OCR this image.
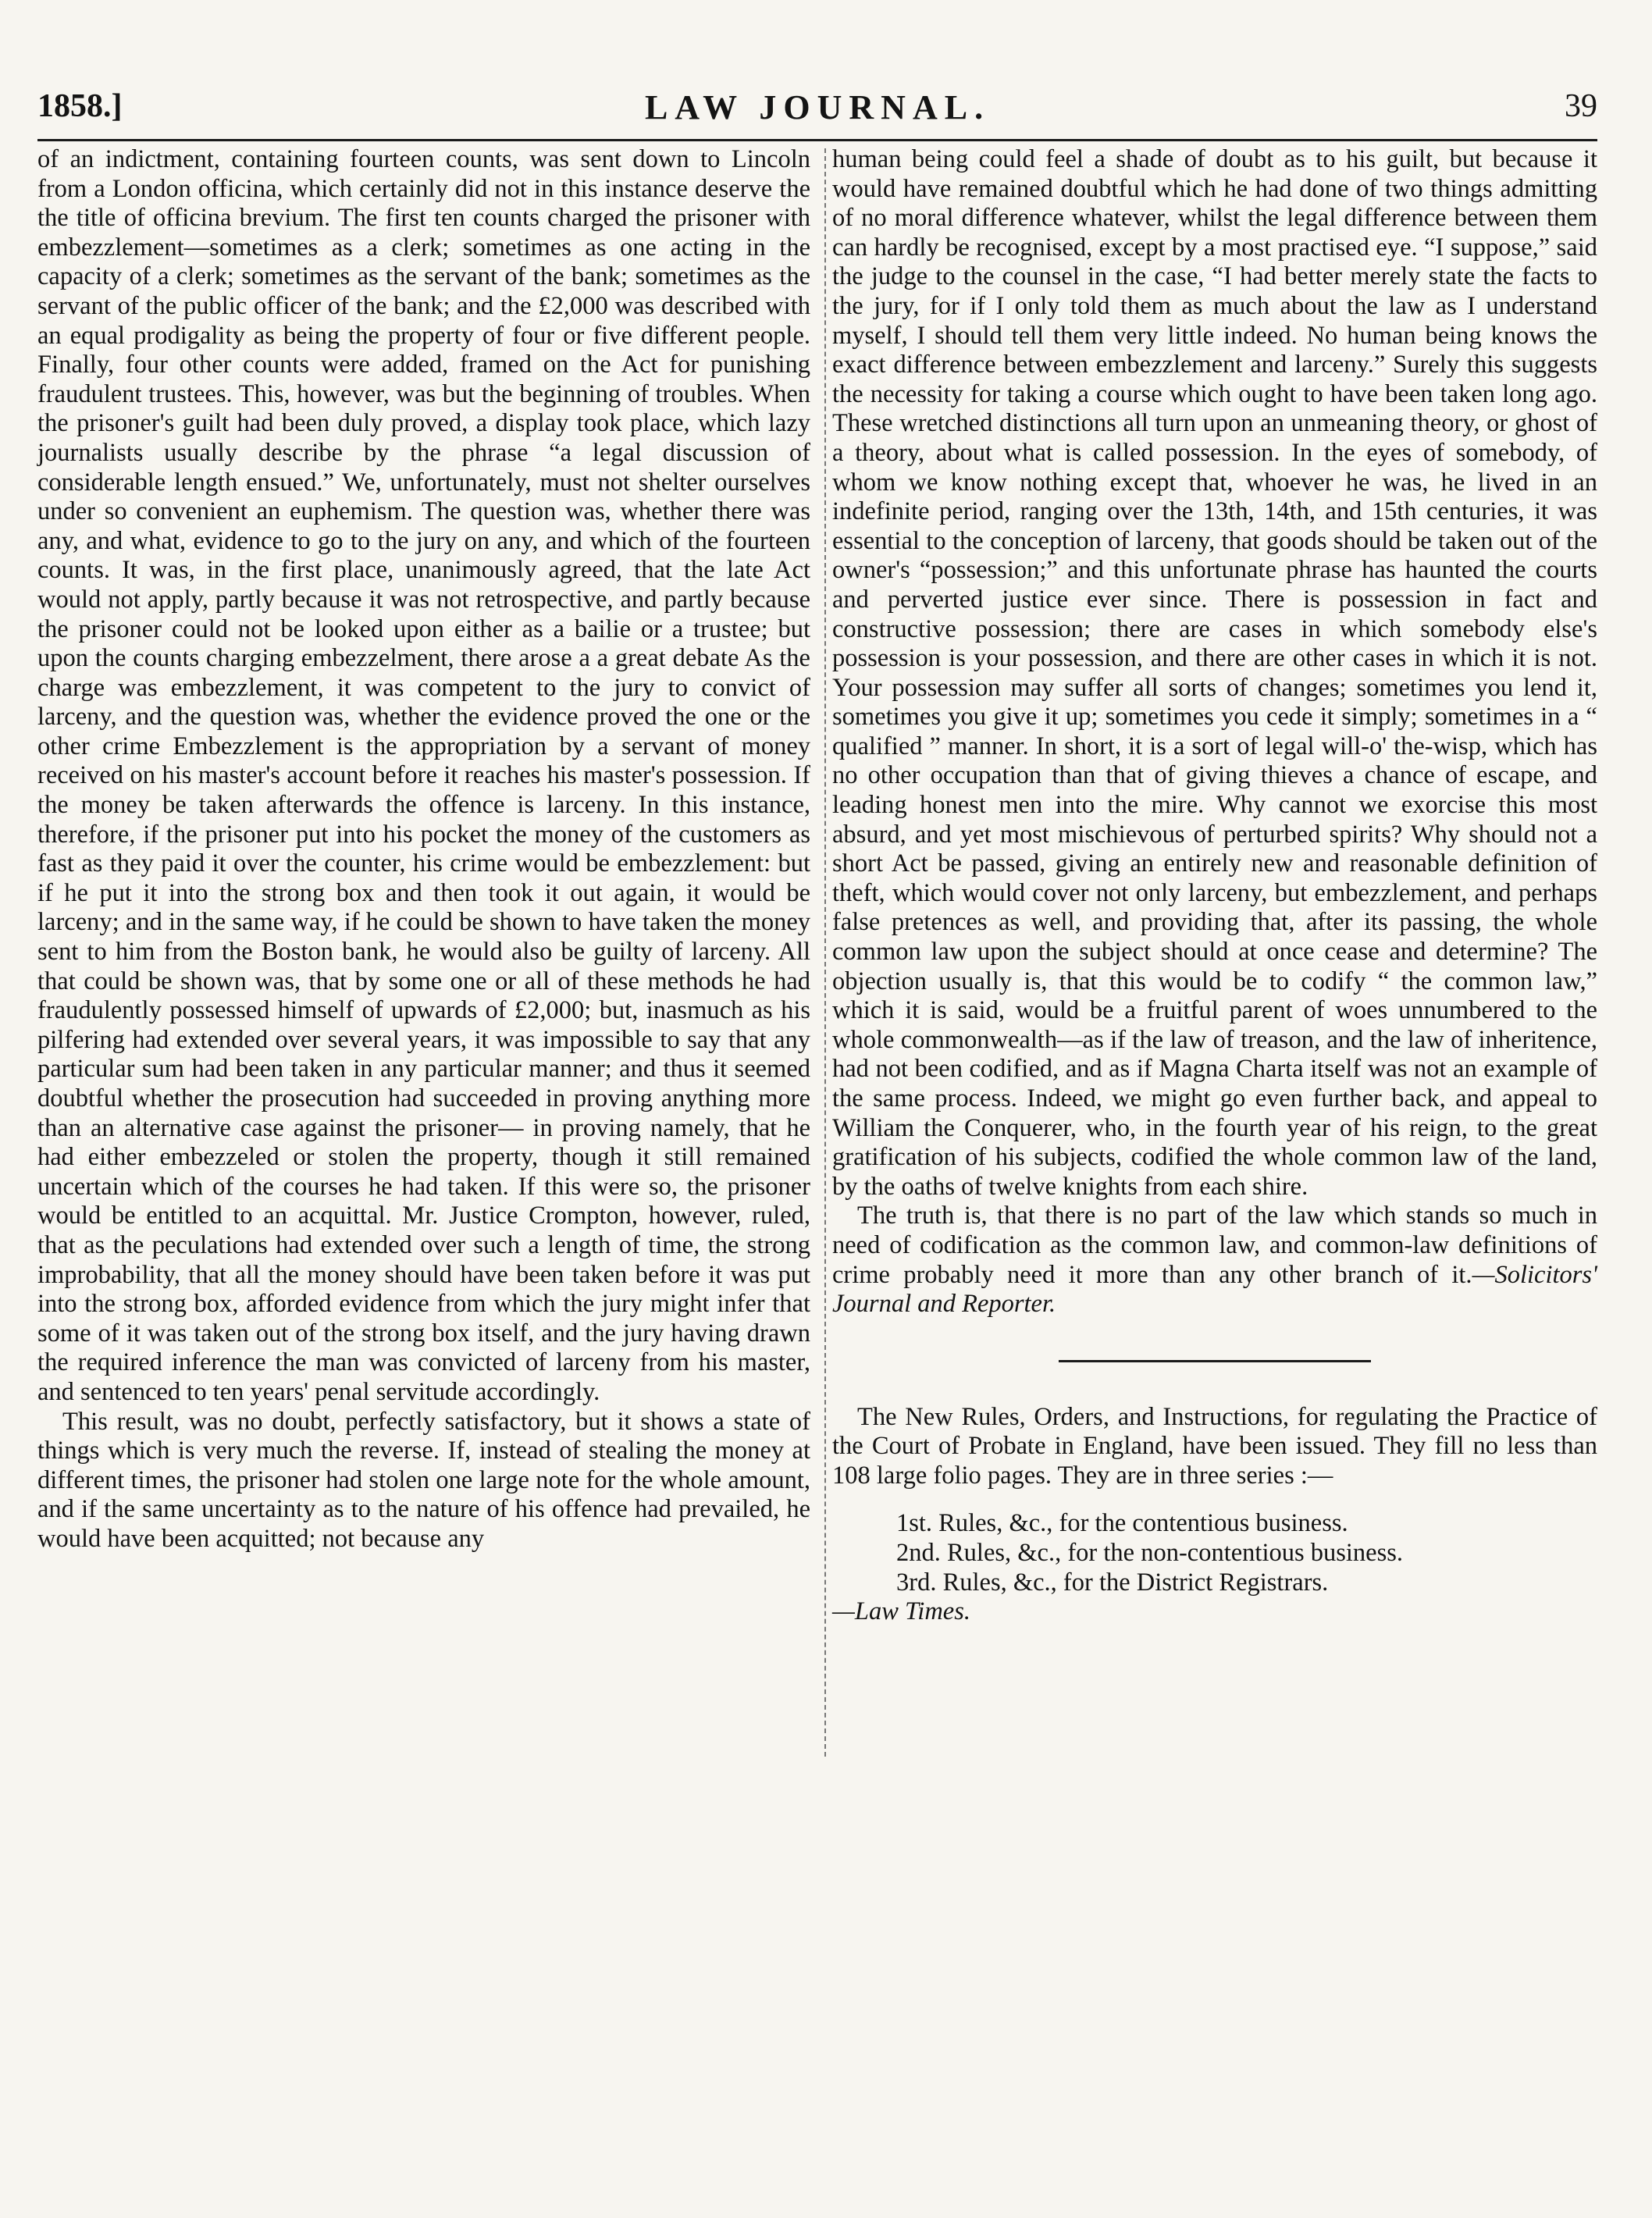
1858.]	LAW JOURNAL.	39

of an indictment, containing fourteen counts, was sent down to Lincoln from a London officina, which certainly did not in this instance deserve the the title of officina brevium. The first ten counts charged the prisoner with embezzlement—sometimes as a clerk; sometimes as one acting in the capacity of a clerk; sometimes as the servant of the bank; sometimes as the servant of the public officer of the bank; and the £2,000 was described with an equal prodigality as being the property of four or five different people. Finally, four other counts were added, framed on the Act for punishing fraudulent trustees. This, however, was but the beginning of troubles. When the prisoner's guilt had been duly proved, a display took place, which lazy journalists usually describe by the phrase “a legal discussion of considerable length ensued.” We, unfortunately, must not shelter ourselves under so convenient an euphemism. The question was, whether there was any, and what, evidence to go to the jury on any, and which of the fourteen counts. It was, in the first place, unanimously agreed, that the late Act would not apply, partly because it was not retrospective, and partly because the prisoner could not be looked upon either as a bailie or a trustee; but upon the counts charging embezzelment, there arose a a great debate As the charge was embezzlement, it was competent to the jury to convict of larceny, and the question was, whether the evidence proved the one or the other crime Embezzlement is the appropriation by a servant of money received on his master's account before it reaches his master's possession. If the money be taken afterwards the offence is larceny. In this instance, therefore, if the prisoner put into his pocket the money of the customers as fast as they paid it over the counter, his crime would be embezzlement: but if he put it into the strong box and then took it out again, it would be larceny; and in the same way, if he could be shown to have taken the money sent to him from the Boston bank, he would also be guilty of larceny. All that could be shown was, that by some one or all of these methods he had fraudulently possessed himself of upwards of £2,000; but, inasmuch as his pilfering had extended over several years, it was impossible to say that any particular sum had been taken in any particular manner; and thus it seemed doubtful whether the prosecution had succeeded in proving anything more than an alternative case against the prisoner— in proving namely, that he had either embezzeled or stolen the property, though it still remained uncertain which of the courses he had taken. If this were so, the prisoner would be entitled to an acquittal. Mr. Justice Crompton, however, ruled, that as the peculations had extended over such a length of time, the strong improbability, that all the money should have been taken before it was put into the strong box, afforded evidence from which the jury might infer that some of it was taken out of the strong box itself, and the jury having drawn the required inference the man was convicted of larceny from his master, and sentenced to ten years' penal servitude accordingly.

This result, was no doubt, perfectly satisfactory, but it shows a state of things which is very much the reverse. If, instead of stealing the money at different times, the prisoner had stolen one large note for the whole amount, and if the same uncertainty as to the nature of his offence had prevailed, he would have been acquitted; not because any

human being could feel a shade of doubt as to his guilt, but because it would have remained doubtful which he had done of two things admitting of no moral difference whatever, whilst the legal difference between them can hardly be recognised, except by a most practised eye. “I suppose,” said the judge to the counsel in the case, “I had better merely state the facts to the jury, for if I only told them as much about the law as I understand myself, I should tell them very little indeed. No human being knows the exact difference between embezzlement and larceny.” Surely this suggests the necessity for taking a course which ought to have been taken long ago. These wretched distinctions all turn upon an unmeaning theory, or ghost of a theory, about what is called possession. In the eyes of somebody, of whom we know nothing except that, whoever he was, he lived in an indefinite period, ranging over the 13th, 14th, and 15th centuries, it was essential to the conception of larceny, that goods should be taken out of the owner's “possession;” and this unfortunate phrase has haunted the courts and perverted justice ever since. There is possession in fact and constructive possession; there are cases in which somebody else's possession is your possession, and there are other cases in which it is not. Your possession may suffer all sorts of changes; sometimes you lend it, sometimes you give it up; sometimes you cede it simply; sometimes in a “ qualified ” manner. In short, it is a sort of legal will-o' the-wisp, which has no other occupation than that of giving thieves a chance of escape, and leading honest men into the mire. Why cannot we exorcise this most absurd, and yet most mischievous of perturbed spirits? Why should not a short Act be passed, giving an entirely new and reasonable definition of theft, which would cover not only larceny, but embezzlement, and perhaps false pretences as well, and providing that, after its passing, the whole common law upon the subject should at once cease and determine? The objection usually is, that this would be to codify “ the common law,” which it is said, would be a fruitful parent of woes unnumbered to the whole commonwealth—as if the law of treason, and the law of inheritence, had not been codified, and as if Magna Charta itself was not an example of the same process. Indeed, we might go even further back, and appeal to William the Conquerer, who, in the fourth year of his reign, to the great gratification of his subjects, codified the whole common law of the land, by the oaths of twelve knights from each shire.

The truth is, that there is no part of the law which stands so much in need of codification as the common law, and common-law definitions of crime probably need it more than any other branch of it.—Solicitors' Journal and Reporter.

The New Rules, Orders, and Instructions, for regulating the Practice of the Court of Probate in England, have been issued. They fill no less than 108 large folio pages. They are in three series :—

1st. Rules, &c., for the contentious business.
2nd. Rules, &c., for the non-contentious business.
3rd. Rules, &c., for the District Registrars.

—Law Times.
